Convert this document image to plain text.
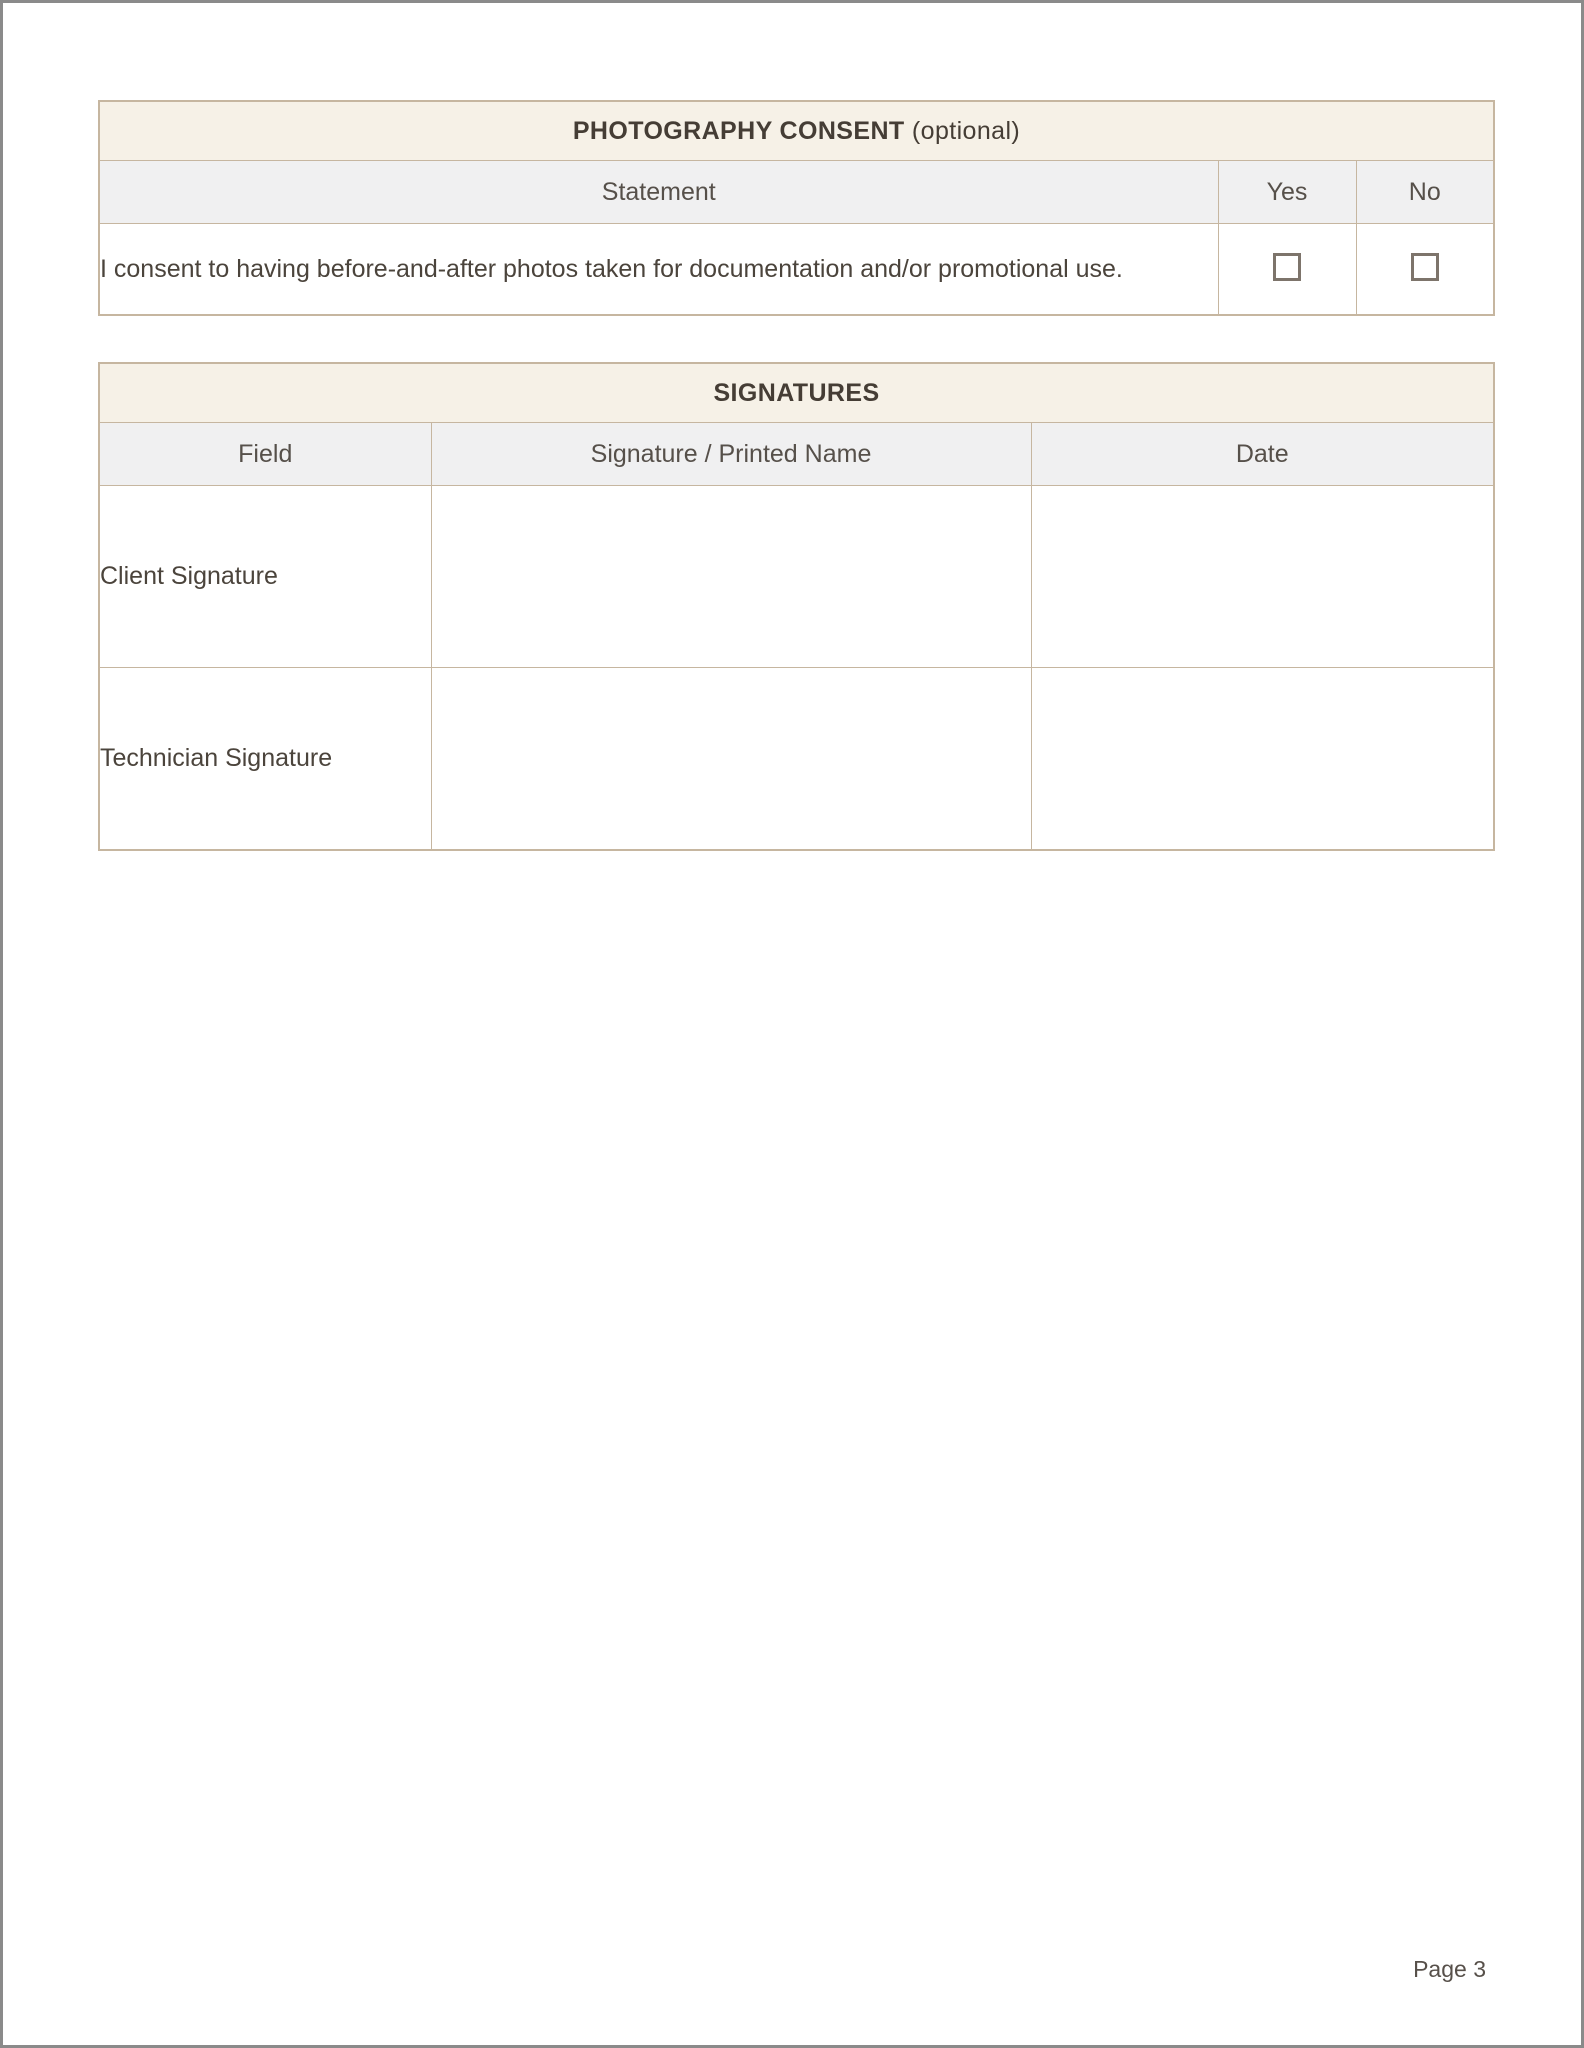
PHOTOGRAPHY CONSENT (optional)		
Statement	Yes	No
I consent to having before-and-after photos taken for documentation and/or promotional use.		
SIGNATURES		
Field	Signature / Printed Name	Date
Client Signature		
Technician Signature		
Page 3
